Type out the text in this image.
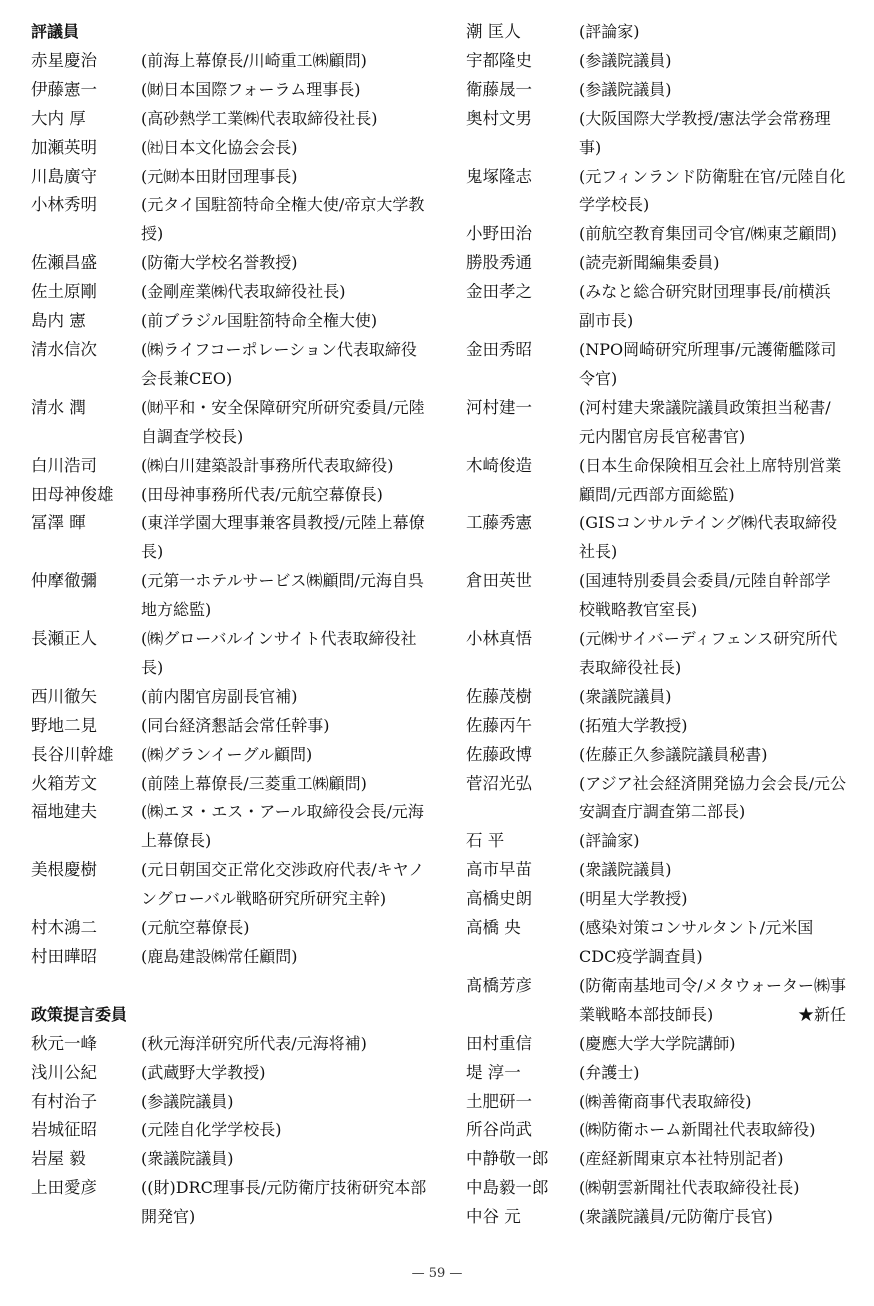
評議員
赤星慶治	(前海上幕僚長/川崎重工㈱顧問)
伊藤憲一	(㈶日本国際フォーラム理事長)
大内 厚	(高砂熱学工業㈱代表取締役社長)
加瀬英明	(㈳日本文化協会会長)
川島廣守	(元㈶本田財団理事長)
小林秀明	(元タイ国駐箚特命全権大使/帝京大学教授)
佐瀬昌盛	(防衛大学校名誉教授)
佐土原剛	(金剛産業㈱代表取締役社長)
島内 憲	(前ブラジル国駐箚特命全権大使)
清水信次	(㈱ライフコーポレーション代表取締役会長兼CEO)
清水 潤	(㈶平和・安全保障研究所研究委員/元陸自調査学校長)
白川浩司	(㈱白川建築設計事務所代表取締役)
田母神俊雄	(田母神事務所代表/元航空幕僚長)
冨澤 暉	(東洋学園大理事兼客員教授/元陸上幕僚長)
仲摩徹彌	(元第一ホテルサービス㈱顧問/元海自呉地方総監)
長瀬正人	(㈱グローバルインサイト代表取締役社長)
西川徹矢	(前内閣官房副長官補)
野地二見	(同台経済懇話会常任幹事)
長谷川幹雄	(㈱グランイーグル顧問)
火箱芳文	(前陸上幕僚長/三菱重工㈱顧問)
福地建夫	(㈱エヌ・エス・アール取締役会長/元海上幕僚長)
美根慶樹	(元日朝国交正常化交渉政府代表/キヤノングローバル戦略研究所研究主幹)
村木鴻二	(元航空幕僚長)
村田曄昭	(鹿島建設㈱常任顧問)
政策提言委員
秋元一峰	(秋元海洋研究所代表/元海将補)
浅川公紀	(武蔵野大学教授)
有村治子	(参議院議員)
岩城征昭	(元陸自化学学校長)
岩屋 毅	(衆議院議員)
上田愛彦	((財)DRC理事長/元防衛庁技術研究本部開発官)
潮 匡人	(評論家)
宇都隆史	(参議院議員)
衛藤晟一	(参議院議員)
奥村文男	(大阪国際大学教授/憲法学会常務理事)
鬼塚隆志	(元フィンランド防衛駐在官/元陸自化学学校長)
小野田治	(前航空教育集団司令官/㈱東芝顧問)
勝股秀通	(読売新聞編集委員)
金田孝之	(みなと総合研究財団理事長/前横浜副市長)
金田秀昭	(NPO岡崎研究所理事/元護衛艦隊司令官)
河村建一	(河村建夫衆議院議員政策担当秘書/元内閣官房長官秘書官)
木崎俊造	(日本生命保険相互会社上席特別営業顧問/元西部方面総監)
工藤秀憲	(GISコンサルテイング㈱代表取締役社長)
倉田英世	(国連特別委員会委員/元陸自幹部学校戦略教官室長)
小林真悟	(元㈱サイバーディフェンス研究所代表取締役社長)
佐藤茂樹	(衆議院議員)
佐藤丙午	(拓殖大学教授)
佐藤政博	(佐藤正久参議院議員秘書)
菅沼光弘	(アジア社会経済開発協力会会長/元公安調査庁調査第二部長)
石 平	(評論家)
高市早苗	(衆議院議員)
高橋史朗	(明星大学教授)
高橋 央	(感染対策コンサルタント/元米国CDC疫学調査員)
髙橋芳彦	(防衛南基地司令/メタウォーター㈱事業戦略本部技師長)	★新任
田村重信	(慶應大学大学院講師)
堤 淳一	(弁護士)
土肥研一	(㈱善衛商事代表取締役)
所谷尚武	(㈱防衛ホーム新聞社代表取締役)
中静敬一郎	(産経新聞東京本社特別記者)
中島毅一郎	(㈱朝雲新聞社代表取締役社長)
中谷 元	(衆議院議員/元防衛庁長官)
— 59 —
